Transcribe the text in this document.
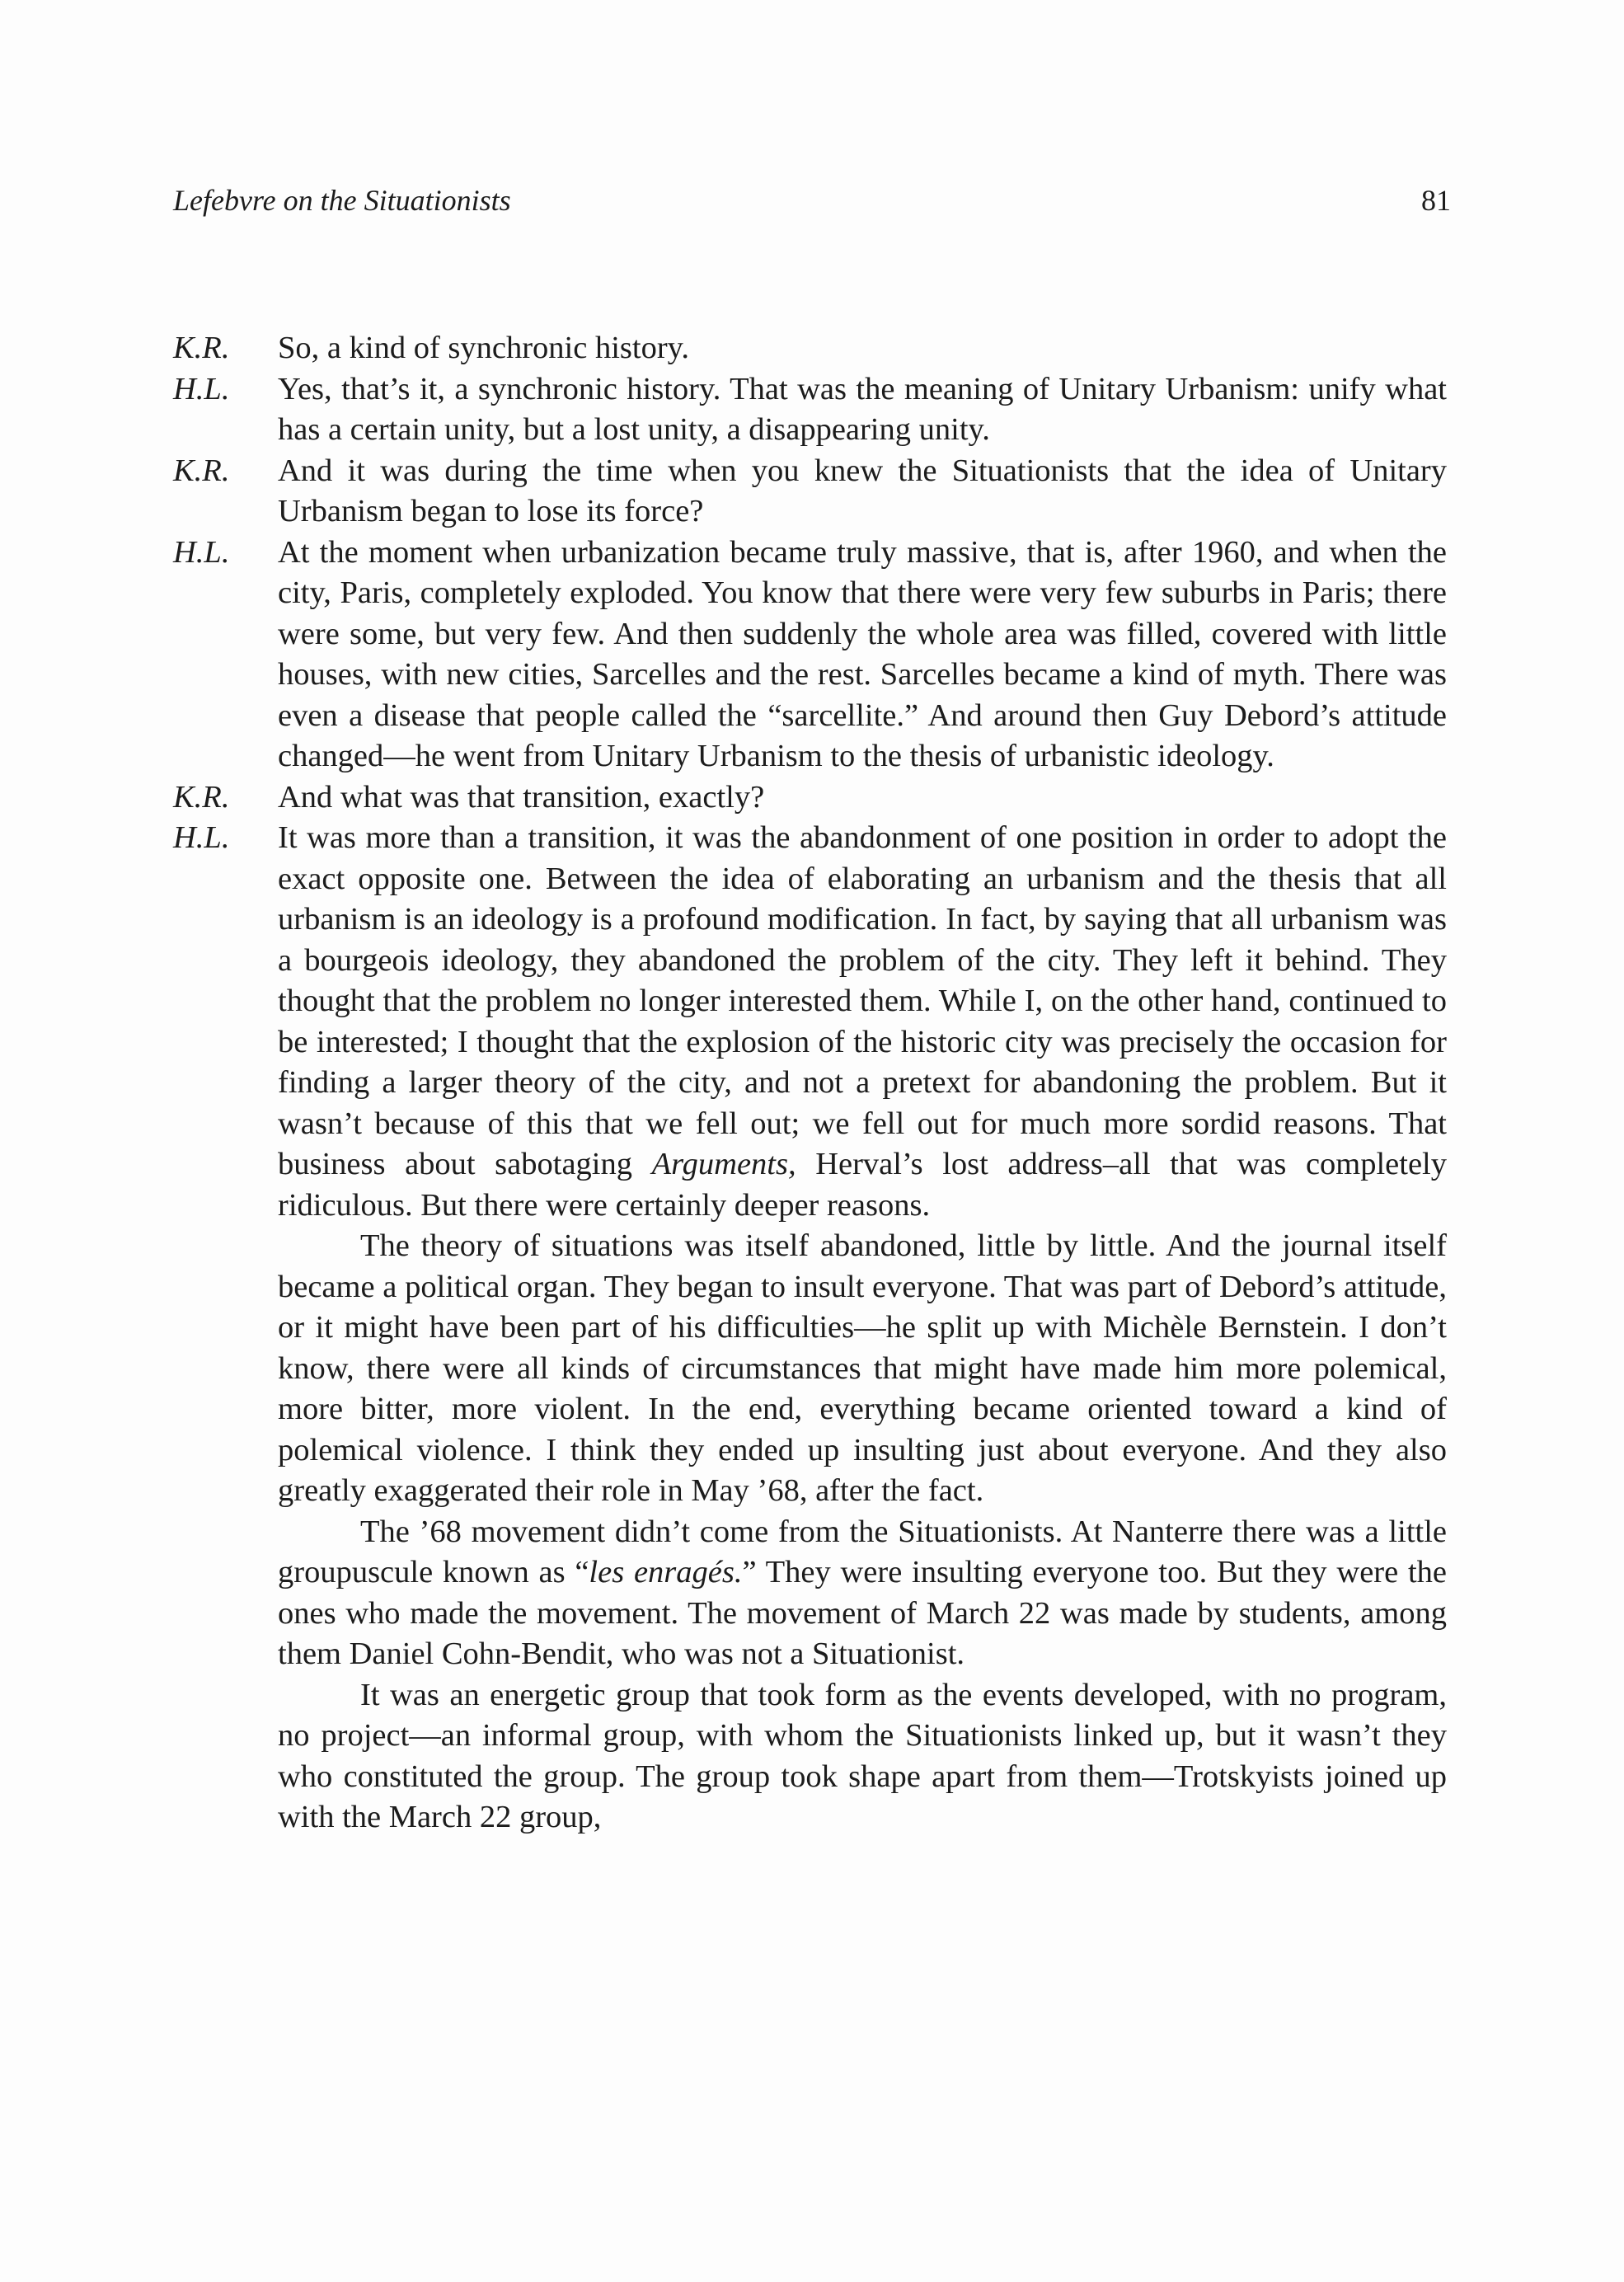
Lefebvre on the Situationists	81
K.R.	So, a kind of synchronic history.

H.L.	Yes, that’s it, a synchronic history. That was the meaning of Unitary Urbanism: unify what has a certain unity, but a lost unity, a disappearing unity.

K.R.	And it was during the time when you knew the Situationists that the idea of Unitary Urbanism began to lose its force?

H.L.	At the moment when urbanization became truly massive, that is, after 1960, and when the city, Paris, completely exploded. You know that there were very few suburbs in Paris; there were some, but very few. And then suddenly the whole area was filled, covered with little houses, with new cities, Sarcelles and the rest. Sarcelles became a kind of myth. There was even a disease that people called the “sarcellite.” And around then Guy Debord’s attitude changed—he went from Unitary Urbanism to the thesis of urbanistic ideology.

K.R.	And what was that transition, exactly?

H.L.	It was more than a transition, it was the abandonment of one position in order to adopt the exact opposite one. Between the idea of elaborating an urbanism and the thesis that all urbanism is an ideology is a profound modification. In fact, by saying that all urbanism was a bourgeois ideology, they abandoned the problem of the city. They left it behind. They thought that the problem no longer interested them. While I, on the other hand, continued to be interested; I thought that the explosion of the historic city was precisely the occasion for finding a larger theory of the city, and not a pretext for abandoning the problem. But it wasn’t because of this that we fell out; we fell out for much more sordid reasons. That business about sabotaging Arguments, Herval’s lost address–all that was completely ridiculous. But there were certainly deeper reasons.

The theory of situations was itself abandoned, little by little. And the journal itself became a political organ. They began to insult everyone. That was part of Debord’s attitude, or it might have been part of his difficulties—he split up with Michèle Bernstein. I don’t know, there were all kinds of circumstances that might have made him more polemical, more bitter, more violent. In the end, everything became oriented toward a kind of polemical violence. I think they ended up insulting just about everyone. And they also greatly exaggerated their role in May ’68, after the fact.

The ’68 movement didn’t come from the Situationists. At Nanterre there was a little groupuscule known as “les enragés.” They were insulting everyone too. But they were the ones who made the movement. The movement of March 22 was made by students, among them Daniel Cohn-Bendit, who was not a Situationist.

It was an energetic group that took form as the events developed, with no program, no project—an informal group, with whom the Situationists linked up, but it wasn’t they who constituted the group. The group took shape apart from them—Trotskyists joined up with the March 22 group,
